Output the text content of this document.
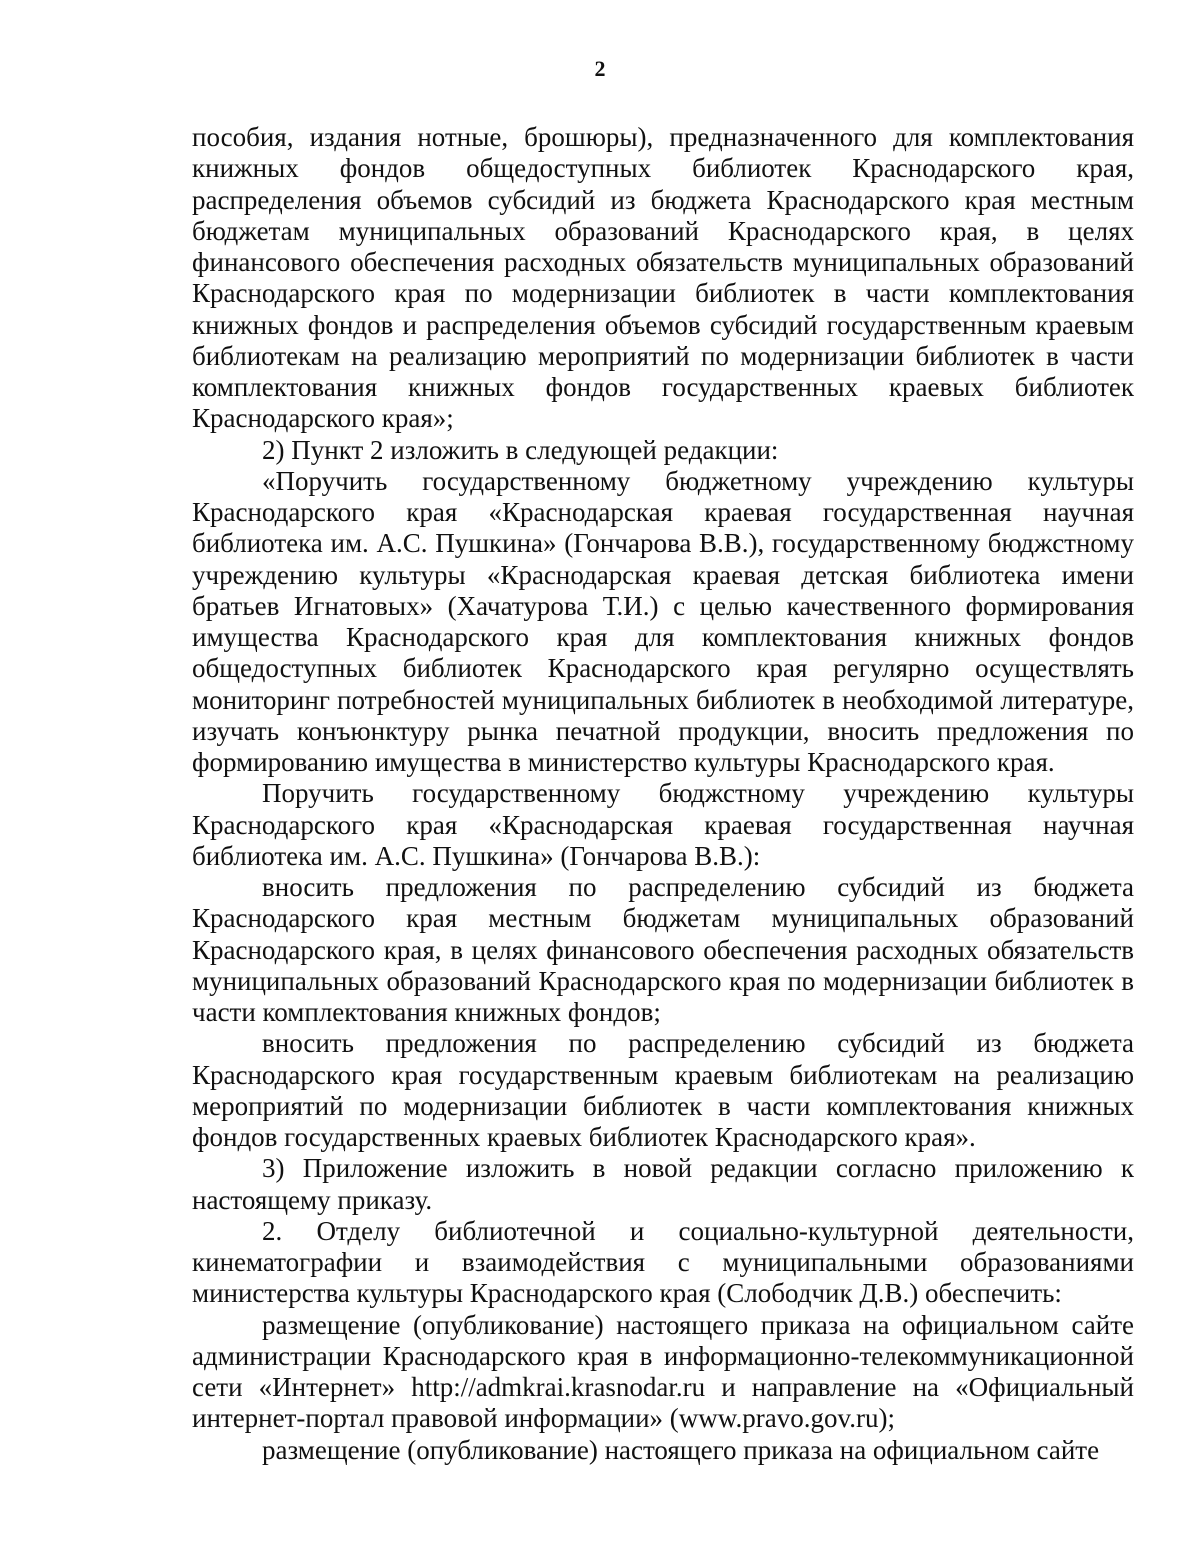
2

пособия, издания нотные, брошюры), предназначенного для комплектования книжных фондов общедоступных библиотек Краснодарского края, распределения объемов субсидий из бюджета Краснодарского края местным бюджетам муниципальных образований Краснодарского края, в целях финансового обеспечения расходных обязательств муниципальных образований Краснодарского края по модернизации библиотек в части комплектования книжных фондов и распределения объемов субсидий государственным краевым библиотекам на реализацию мероприятий по модернизации библиотек в части комплектования книжных фондов государственных краевых библиотек Краснодарского края»;

2) Пункт 2 изложить в следующей редакции:

«Поручить государственному бюджетному учреждению культуры Краснодарского края «Краснодарская краевая государственная научная библиотека им. А.С. Пушкина» (Гончарова В.В.), государственному бюджстному учреждению культуры «Краснодарская краевая детская библиотека имени братьев Игнатовых» (Хачатурова Т.И.) с целью качественного формирования имущества Краснодарского края для комплектования книжных фондов общедоступных библиотек Краснодарского края регулярно осуществлять мониторинг потребностей муниципальных библиотек в необходимой литературе, изучать конъюнктуру рынка печатной продукции, вносить предложения по формированию имущества в министерство культуры Краснодарского края.

Поручить государственному бюджстному учреждению культуры Краснодарского края «Краснодарская краевая государственная научная библиотека им. А.С. Пушкина» (Гончарова В.В.):

вносить предложения по распределению субсидий из бюджета Краснодарского края местным бюджетам муниципальных образований Краснодарского края, в целях финансового обеспечения расходных обязательств муниципальных образований Краснодарского края по модернизации библиотек в части комплектования книжных фондов;

вносить предложения по распределению субсидий из бюджета Краснодарского края государственным краевым библиотекам на реализацию мероприятий по модернизации библиотек в части комплектования книжных фондов государственных краевых библиотек Краснодарского края».

3) Приложение изложить в новой редакции согласно приложению к настоящему приказу.

2. Отделу библиотечной и социально-культурной деятельности, кинематографии и взаимодействия с муниципальными образованиями министерства культуры Краснодарского края (Слободчик Д.В.) обеспечить:

размещение (опубликование) настоящего приказа на официальном сайте администрации Краснодарского края в информационно-телекоммуникационной сети «Интернет» http://admkrai.krasnodar.ru и направление на «Официальный интернет-портал правовой информации» (www.pravo.gov.ru);

размещение (опубликование) настоящего приказа на официальном сайте
